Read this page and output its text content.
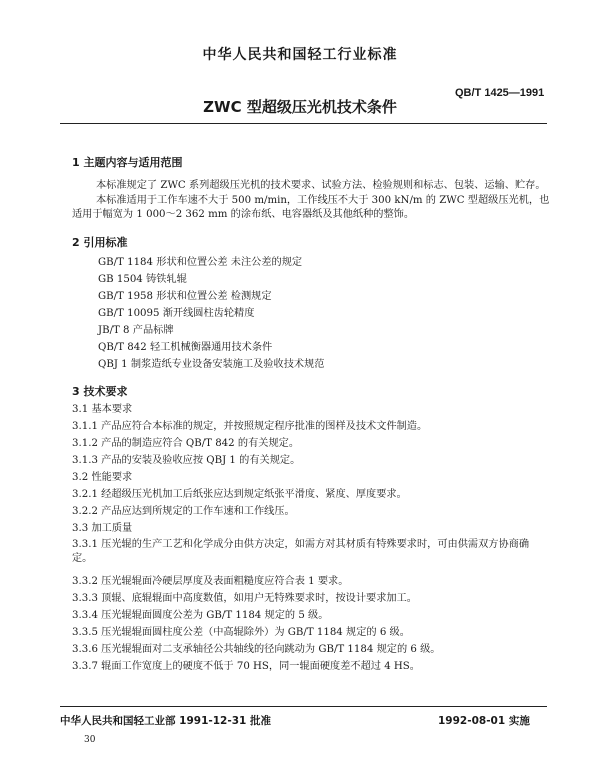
中华人民共和国轻工行业标准
QB/T 1425—1991
ZWC 型超级压光机技术条件
1 主题内容与适用范围
本标准规定了 ZWC 系列超级压光机的技术要求、试验方法、检验规则和标志、包装、运输、贮存。
本标准适用于工作车速不大于 500 m/min，工作线压不大于 300 kN/m 的 ZWC 型超级压光机，也适用于幅宽为 1 000～2 362 mm 的涂布纸、电容器纸及其他纸种的整饰。
2 引用标准
GB/T 1184 形状和位置公差 未注公差的规定
GB 1504 铸铁轧辊
GB/T 1958 形状和位置公差 检测规定
GB/T 10095 渐开线圆柱齿轮精度
JB/T 8 产品标牌
QB/T 842 轻工机械衡器通用技术条件
QBJ 1 制浆造纸专业设备安装施工及验收技术规范
3 技术要求
3.1 基本要求
3.1.1 产品应符合本标准的规定，并按照规定程序批准的图样及技术文件制造。
3.1.2 产品的制造应符合 QB/T 842 的有关规定。
3.1.3 产品的安装及验收应按 QBJ 1 的有关规定。
3.2 性能要求
3.2.1 经超级压光机加工后纸张应达到规定纸张平滑度、紧度、厚度要求。
3.2.2 产品应达到所规定的工作车速和工作线压。
3.3 加工质量
3.3.1 压光辊的生产工艺和化学成分由供方决定，如需方对其材质有特殊要求时，可由供需双方协商确定。
3.3.2 压光辊辊面冷硬层厚度及表面粗糙度应符合表 1 要求。
3.3.3 顶辊、底辊辊面中高度数值，如用户无特殊要求时，按设计要求加工。
3.3.4 压光辊辊面圆度公差为 GB/T 1184 规定的 5 级。
3.3.5 压光辊辊面圆柱度公差（中高辊除外）为 GB/T 1184 规定的 6 级。
3.3.6 压光辊辊面对二支承轴径公共轴线的径向跳动为 GB/T 1184 规定的 6 级。
3.3.7 辊面工作宽度上的硬度不低于 70 HS，同一辊面硬度差不超过 4 HS。
中华人民共和国轻工业部 1991-12-31 批准	1992-08-01 实施
30
